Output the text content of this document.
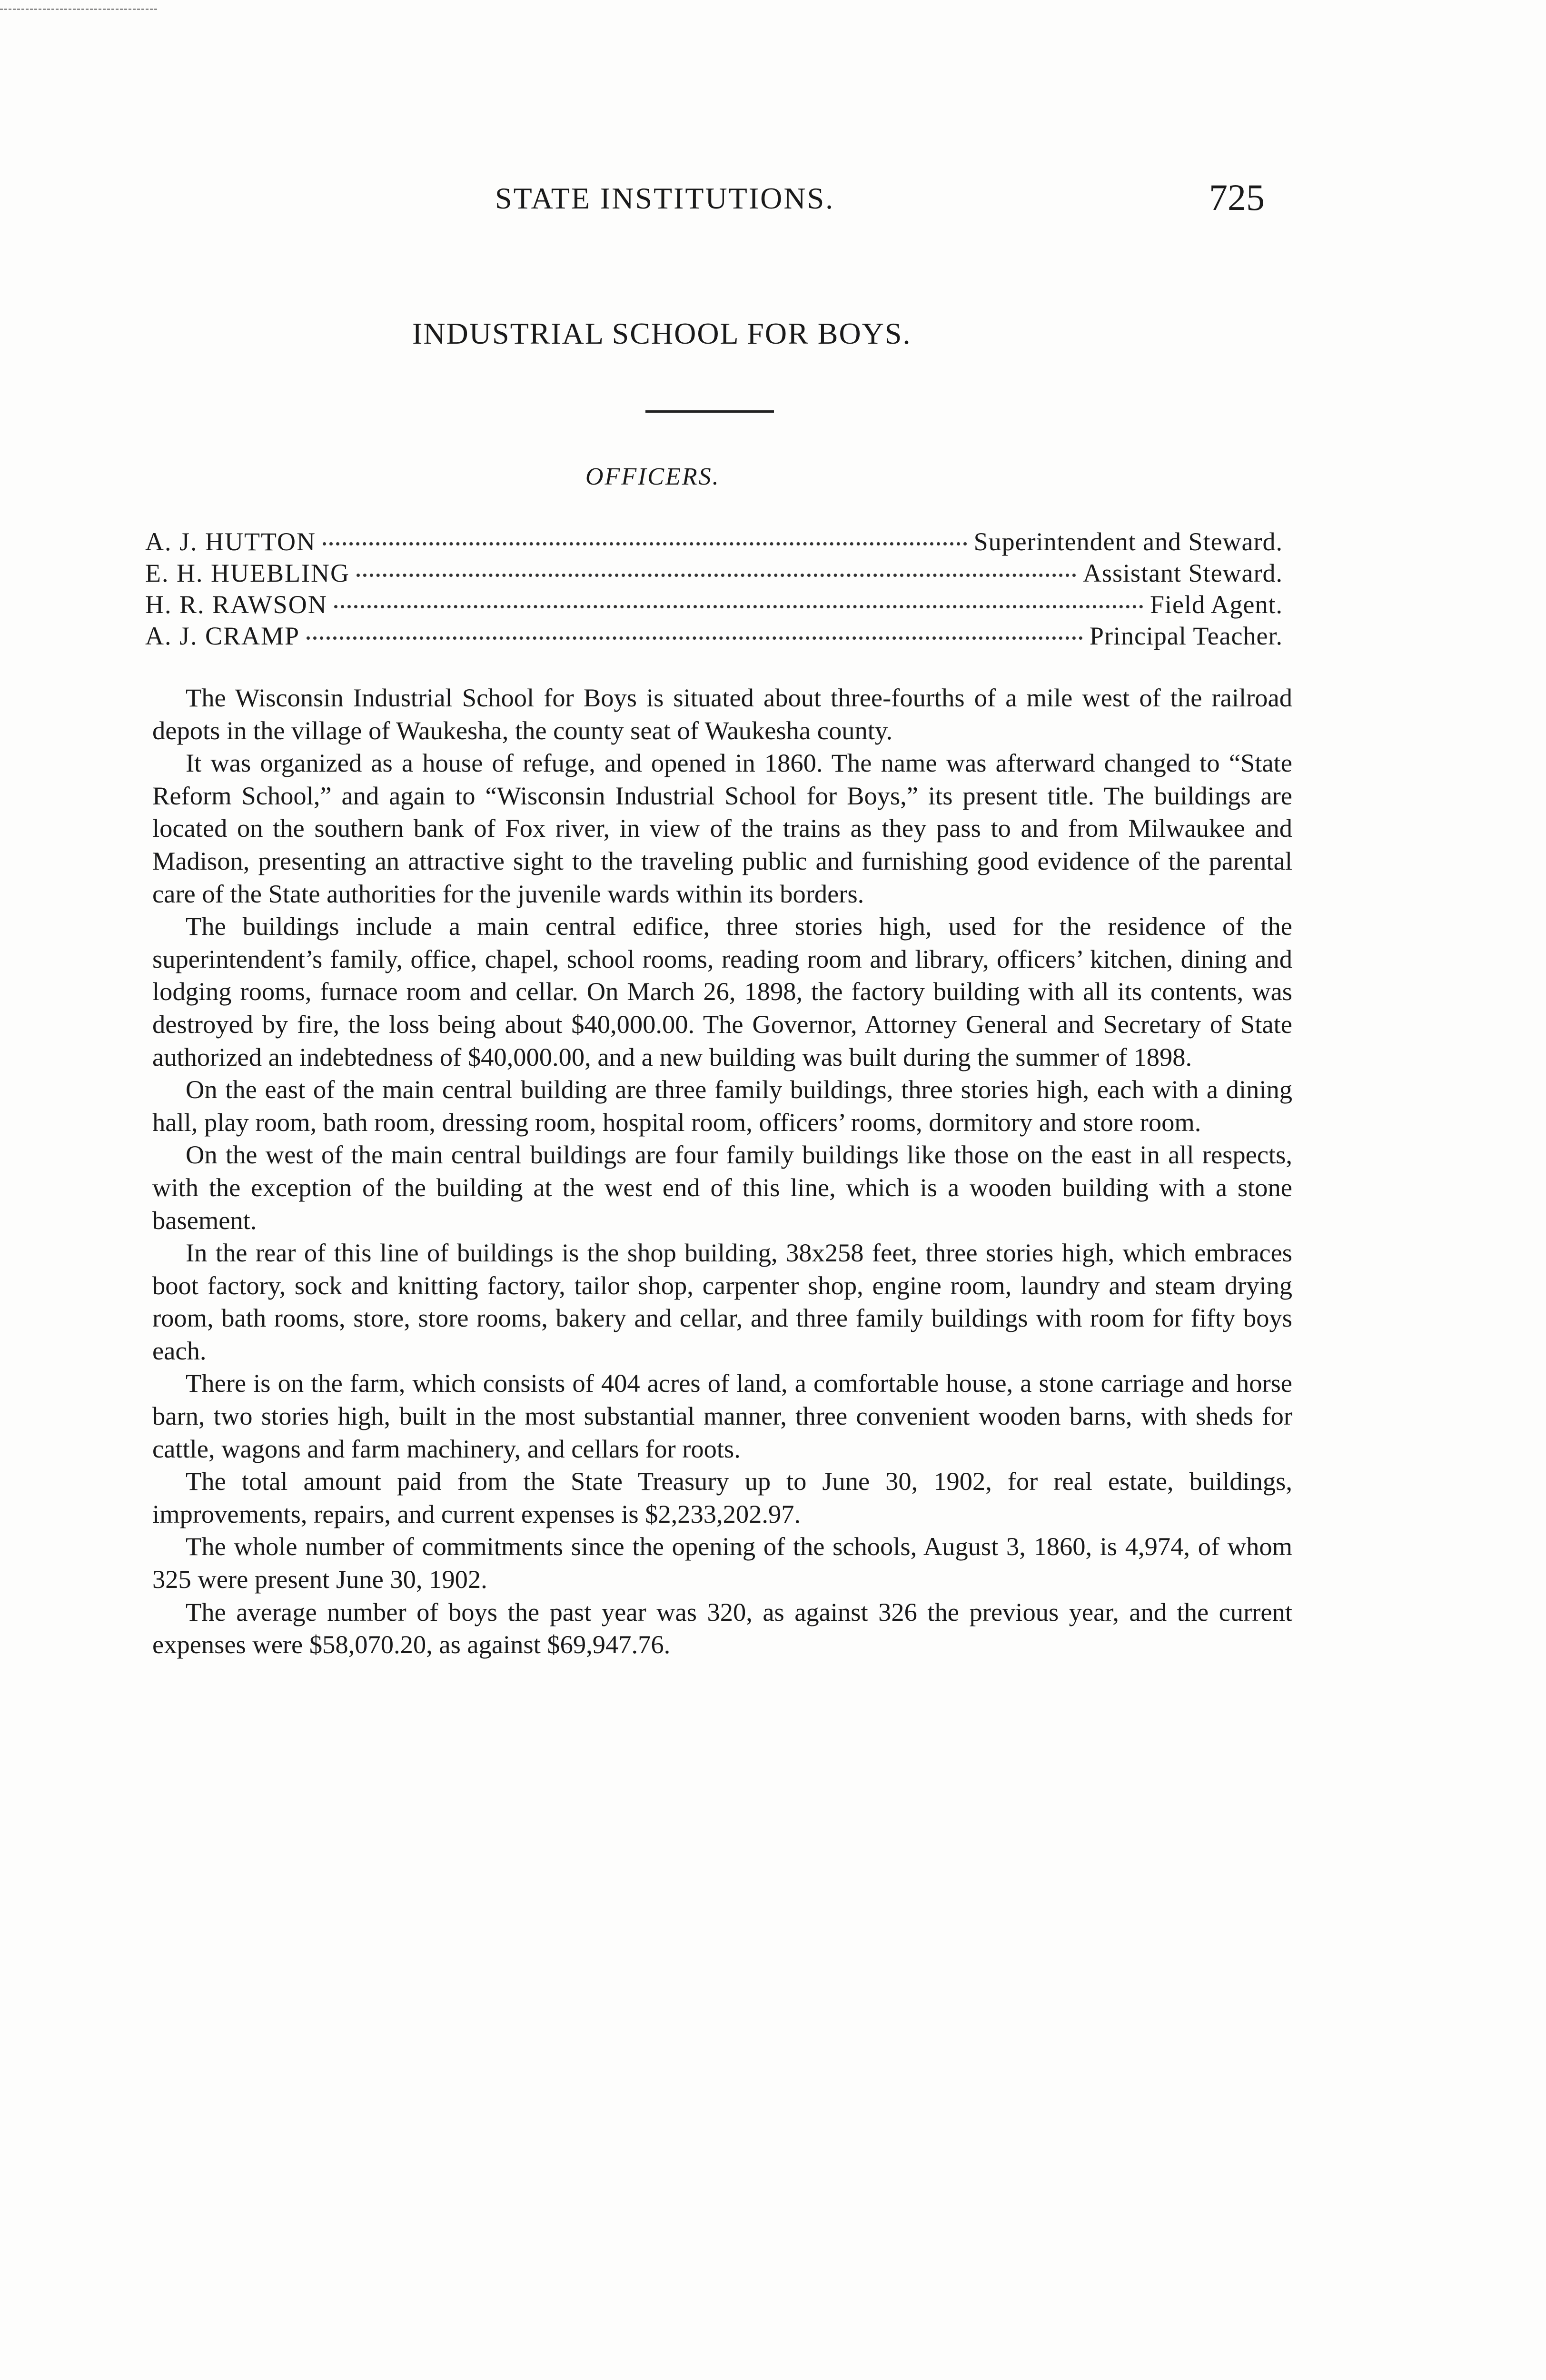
STATE INSTITUTIONS.	725
INDUSTRIAL SCHOOL FOR BOYS.
OFFICERS.
A. J. HUTTON	Superintendent and Steward.
E. H. HUEBLING	Assistant Steward.
H. R. RAWSON	Field Agent.
A. J. CRAMP	Principal Teacher.

The Wisconsin Industrial School for Boys is situated about three-fourths of a mile west of the railroad depots in the village of Waukesha, the county seat of Waukesha county.

It was organized as a house of refuge, and opened in 1860. The name was afterward changed to “State Reform School,” and again to “Wisconsin Industrial School for Boys,” its present title. The buildings are located on the southern bank of Fox river, in view of the trains as they pass to and from Milwaukee and Madison, presenting an attractive sight to the traveling public and furnishing good evidence of the parental care of the State authorities for the juvenile wards within its borders.

The buildings include a main central edifice, three stories high, used for the residence of the superintendent’s family, office, chapel, school rooms, reading room and library, officers’ kitchen, dining and lodging rooms, furnace room and cellar. On March 26, 1898, the factory building with all its contents, was destroyed by fire, the loss being about $40,000.00. The Governor, Attorney General and Secretary of State authorized an indebtedness of $40,000.00, and a new building was built during the summer of 1898.

On the east of the main central building are three family buildings, three stories high, each with a dining hall, play room, bath room, dressing room, hospital room, officers’ rooms, dormitory and store room.

On the west of the main central buildings are four family buildings like those on the east in all respects, with the exception of the building at the west end of this line, which is a wooden building with a stone basement.

In the rear of this line of buildings is the shop building, 38x258 feet, three stories high, which embraces boot factory, sock and knitting factory, tailor shop, carpenter shop, engine room, laundry and steam drying room, bath rooms, store, store rooms, bakery and cellar, and three family buildings with room for fifty boys each.

There is on the farm, which consists of 404 acres of land, a comfortable house, a stone carriage and horse barn, two stories high, built in the most substantial manner, three convenient wooden barns, with sheds for cattle, wagons and farm machinery, and cellars for roots.

The total amount paid from the State Treasury up to June 30, 1902, for real estate, buildings, improvements, repairs, and current expenses is $2,233,202.97.

The whole number of commitments since the opening of the schools, August 3, 1860, is 4,974, of whom 325 were present June 30, 1902.

The average number of boys the past year was 320, as against 326 the previous year, and the current expenses were $58,070.20, as against $69,947.76.
